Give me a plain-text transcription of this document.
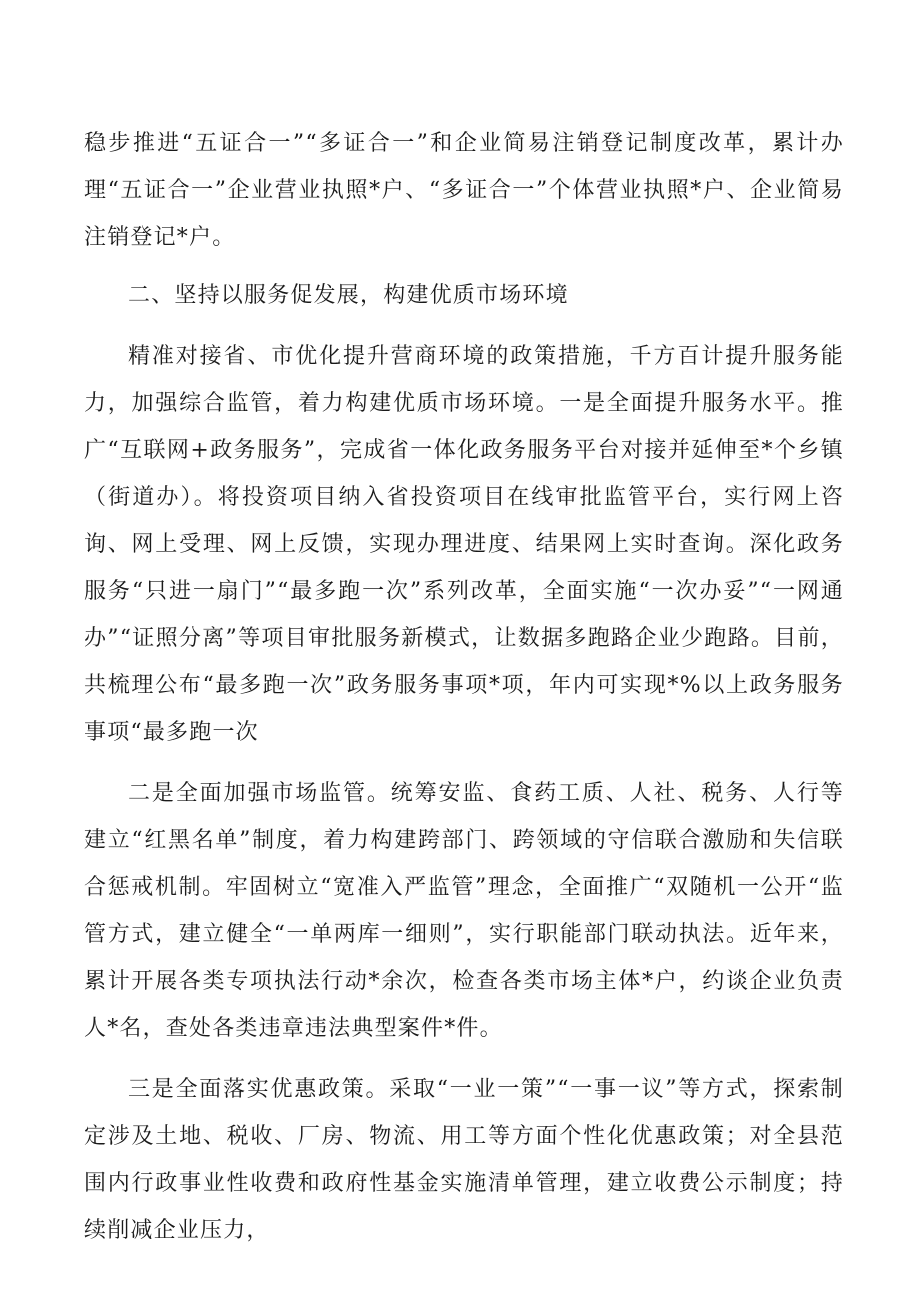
稳步推进“五证合一”“多证合一”和企业简易注销登记制度改革，累计办理“五证合一”企业营业执照*户、“多证合一”个体营业执照*户、企业简易注销登记*户。

二、坚持以服务促发展，构建优质市场环境

精准对接省、市优化提升营商环境的政策措施，千方百计提升服务能力，加强综合监管，着力构建优质市场环境。一是全面提升服务水平。推广“互联网+政务服务”，完成省一体化政务服务平台对接并延伸至*个乡镇（街道办）。将投资项目纳入省投资项目在线审批监管平台，实行网上咨询、网上受理、网上反馈，实现办理进度、结果网上实时查询。深化政务服务“只进一扇门”“最多跑一次”系列改革，全面实施“一次办妥”“一网通办”“证照分离”等项目审批服务新模式，让数据多跑路企业少跑路。目前，共梳理公布“最多跑一次”政务服务事项*项，年内可实现*%以上政务服务事项“最多跑一次

二是全面加强市场监管。统筹安监、食药工质、人社、税务、人行等建立“红黑名单”制度，着力构建跨部门、跨领域的守信联合激励和失信联合惩戒机制。牢固树立“宽准入严监管”理念，全面推广“双随机一公开“监管方式，建立健全“一单两库一细则”，实行职能部门联动执法。近年来，累计开展各类专项执法行动*余次，检查各类市场主体*户，约谈企业负责人*名，查处各类违章违法典型案件*件。

三是全面落实优惠政策。采取“一业一策”“一事一议”等方式，探索制定涉及土地、税收、厂房、物流、用工等方面个性化优惠政策；对全县范围内行政事业性收费和政府性基金实施清单管理，建立收费公示制度；持续削减企业压力，
